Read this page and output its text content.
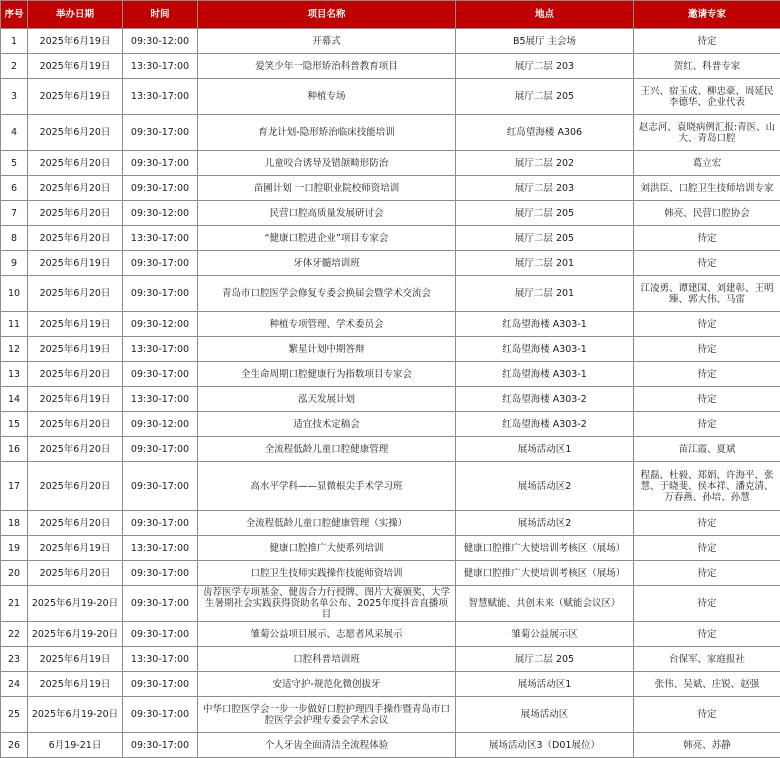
序号	举办日期	时间	项目名称	地点	邀请专家
1	2025年6月19日	09:30-12:00	开幕式	B5展厅 主会场	待定
2	2025年6月19日	13:30-17:00	爱笑少年一隐形矫治科普教育项目	展厅二层 203	贺红、科普专家
3	2025年6月19日	13:30-17:00	种植专场	展厅二层 205	王兴、宿玉成、柳忠豪、周延民李德华、企业代表
4	2025年6月20日	09:30-17:00	育龙计划-隐形矫治临床技能培训	红岛望海楼 A306	赵志河、袁晓病例汇报:青医、山大、青岛口腔
5	2025年6月20日	09:30-17:00	儿童咬合诱导及错颌畸形防治	展厅二层 202	葛立宏
6	2025年6月20日	09:30-17:00	苗圃计划 一口腔职业院校师资培训	展厅二层 203	刘洪臣、口腔卫生技师培训专家
7	2025年6月20日	09:30-12:00	民营口腔高质量发展研讨会	展厅二层 205	韩亮、民营口腔协会
8	2025年6月20日	13:30-17:00	“健康口腔进企业”项目专家会	展厅二层 205	待定
9	2025年6月19日	09:30-17:00	牙体牙髓培训班	展厅二层 201	待定
10	2025年6月20日	09:30-17:00	青岛市口腔医学会修复专委会换届会暨学术交流会	展厅二层 201	江凌勇、谭建国、刘建彰、王明臻、郭大伟、马雷
11	2025年6月19日	09:30-12:00	种植专项管理、学术委员会	红岛望海楼 A303-1	待定
12	2025年6月19日	13:30-17:00	繁星计划中期答辩	红岛望海楼 A303-1	待定
13	2025年6月20日	09:30-17:00	全生命周期口腔健康行为指数项目专家会	红岛望海楼 A303-1	待定
14	2025年6月19日	13:30-17:00	泓天发展计划	红岛望海楼 A303-2	待定
15	2025年6月20日	09:30-12:00	适宜技术定稿会	红岛望海楼 A303-2	待定
16	2025年6月20日	09:30-17:00	全流程低龄儿童口腔健康管理	展场活动区1	苗江霞、夏斌
17	2025年6月20日	09:30-17:00	高水平学科——显微根尖手术学习班	展场活动区2	程磊、杜毅、郑娟、许海平、张慧、于晓斐、侯本祥、潘克清、万春燕、孙培、孙慧
18	2025年6月20日	09:30-17:00	全流程低龄儿童口腔健康管理（实操）	展场活动区2	待定
19	2025年6月19日	13:30-17:00	健康口腔推广大使系列培训	健康口腔推广大使培训考核区（展场）	待定
20	2025年6月20日	09:30-17:00	口腔卫生技师实践操作技能师资培训	健康口腔推广大使培训考核区（展场）	待定
21	2025年6月19-20日	09:30-17:00	齿荐医学专项基金、健齿合力行授牌、图片大赛颁奖、大学生暑期社会实践获得资助名单公布、2025年度抖音直播项目	智慧赋能、共创未来（赋能会议区）	待定
22	2025年6月19-20日	09:30-17:00	雏菊公益项目展示、志愿者风采展示	雏菊公益展示区	待定
23	2025年6月19日	13:30-17:00	口腔科普培训班	展厅二层 205	台保军、家庭报社
24	2025年6月19日	09:30-17:00	安适守护-规范化微创拔牙	展场活动区1	张伟、吴斌、庄锐、赵强
25	2025年6月19-20日	09:30-17:00	中华口腔医学会一步一步做好口腔护理四手操作暨青岛市口腔医学会护理专委会学术会议	展场活动区	待定
26	6月19-21日	09:30-17:00	个人牙齿全面清洁全流程体验	展场活动区3（D01展位）	韩亮、苏静
